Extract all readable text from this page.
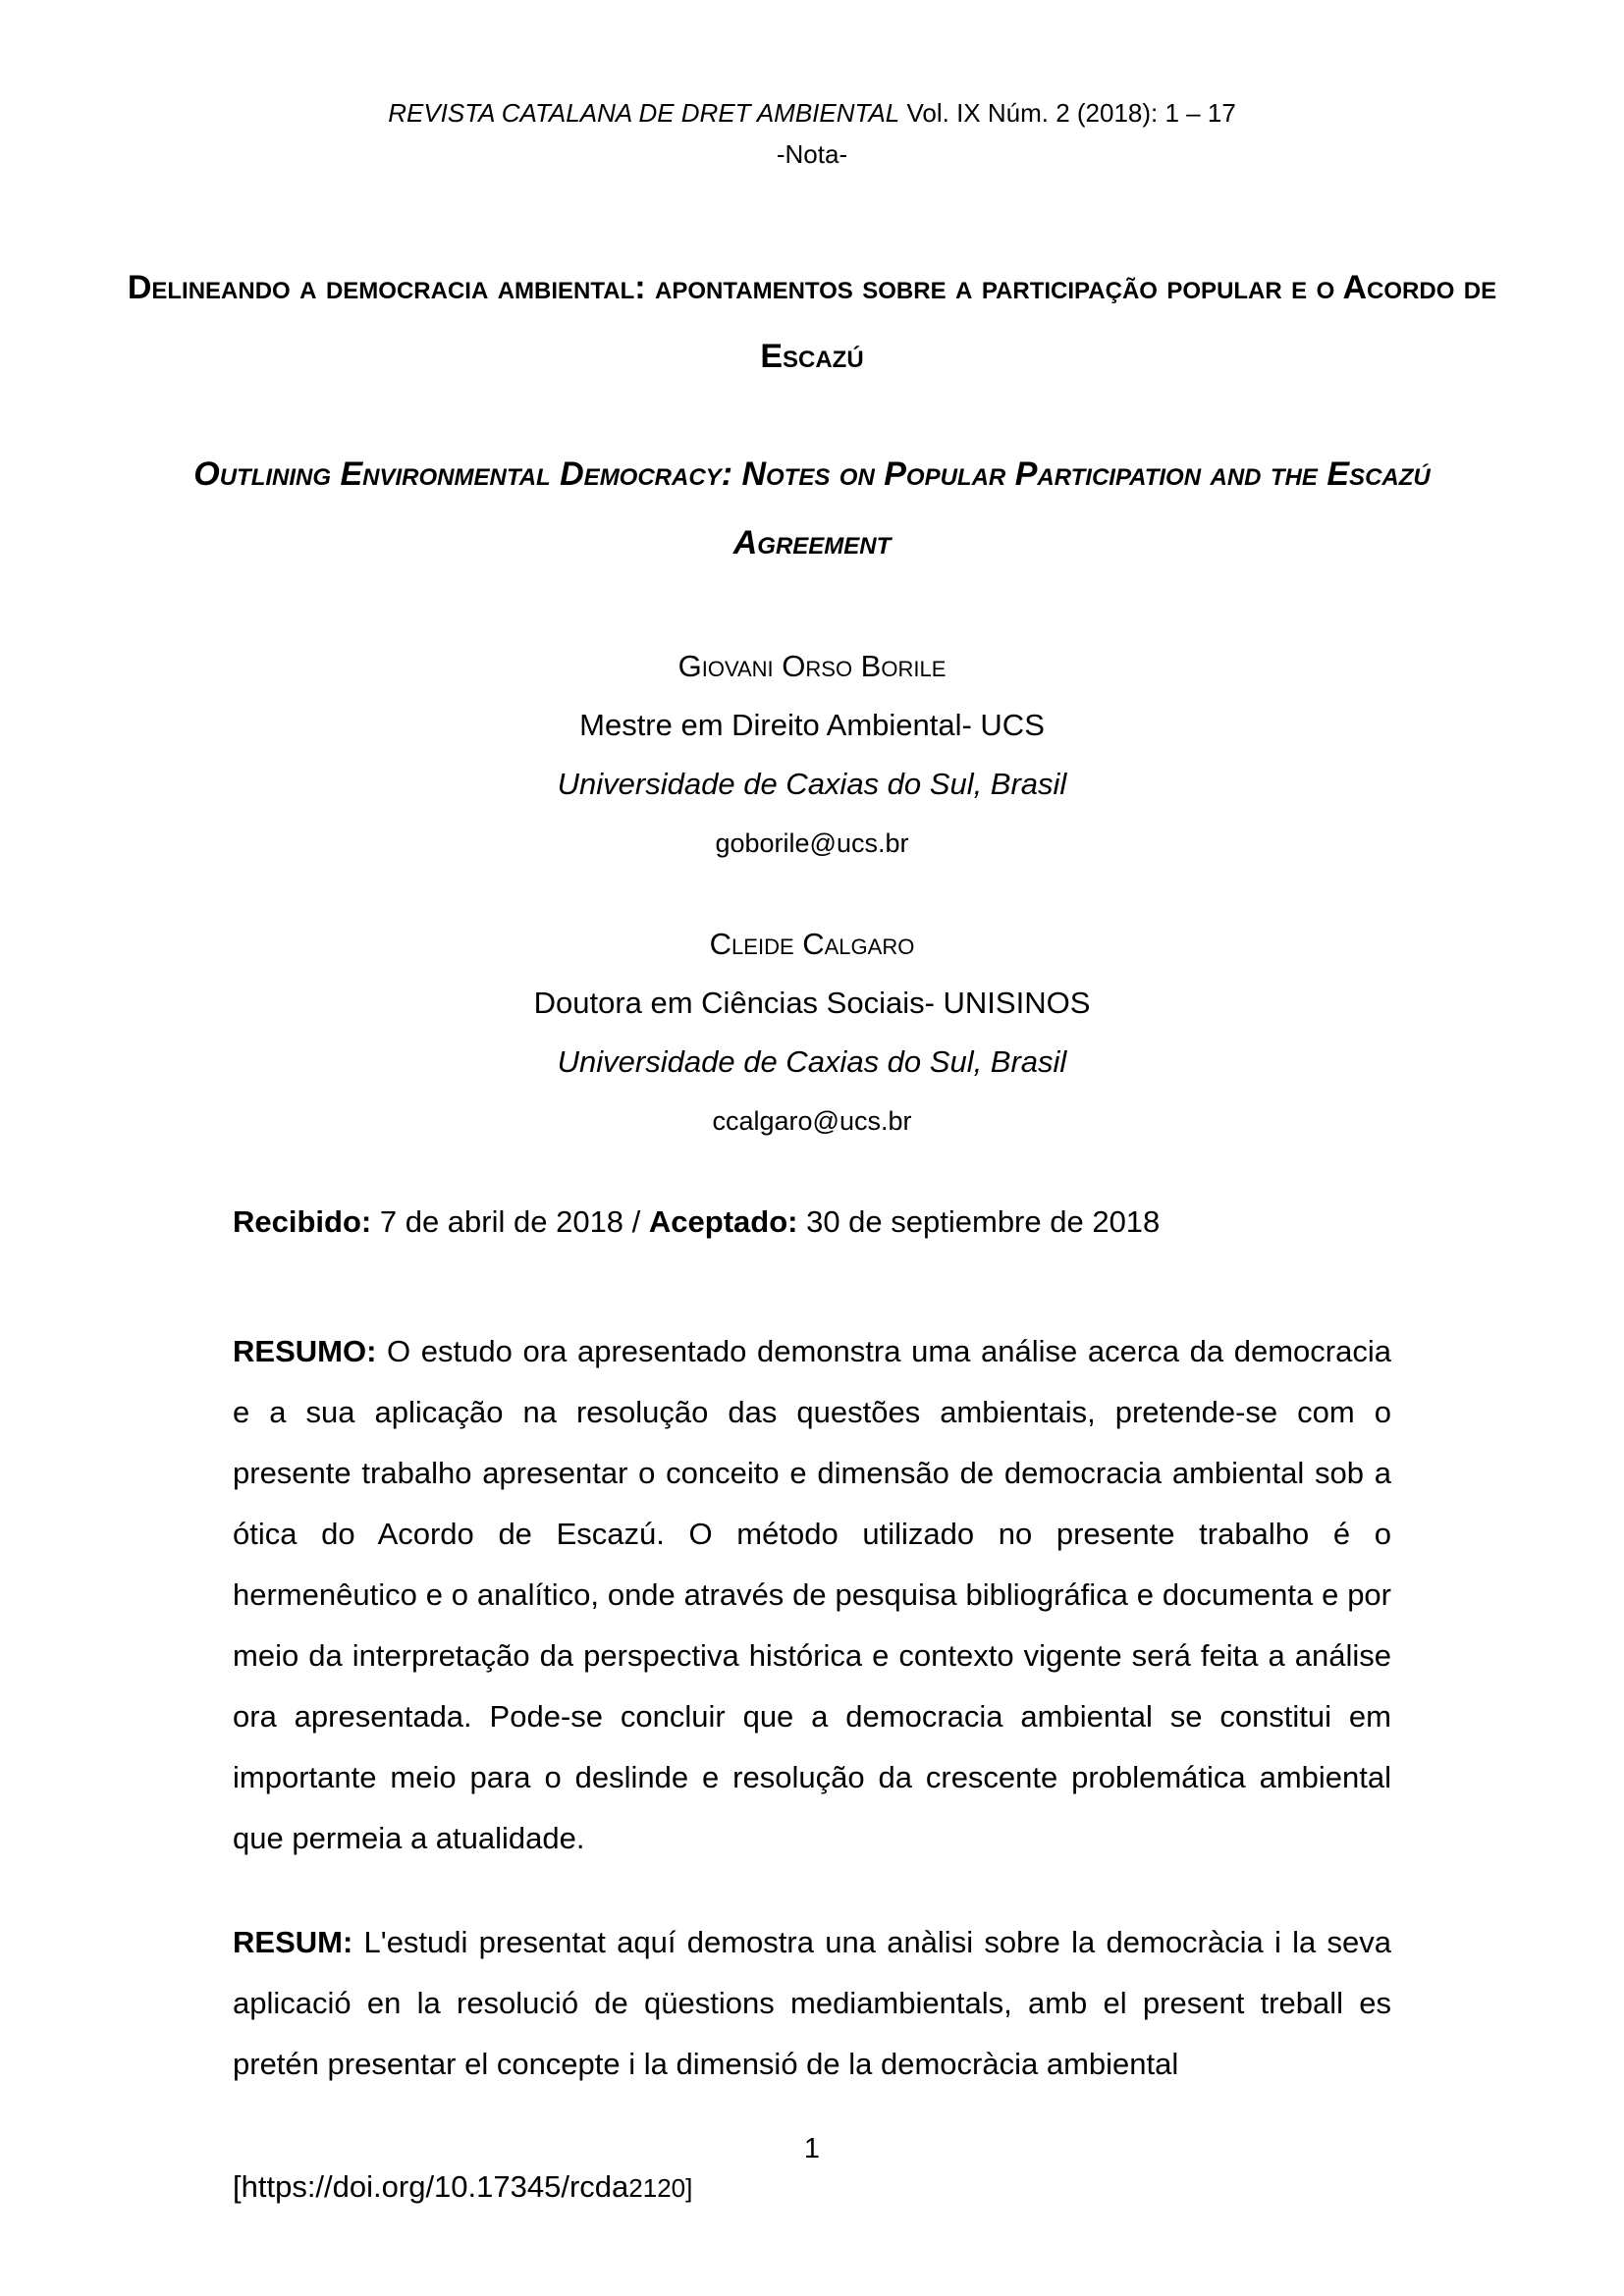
REVISTA CATALANA DE DRET AMBIENTAL Vol. IX Núm. 2 (2018): 1 – 17
-Nota-
Delineando a democracia ambiental: apontamentos sobre a participação popular e o Acordo de Escazú
Outlining Environmental Democracy: Notes on Popular Participation and the Escazú Agreement
Giovani Orso Borile
Mestre em Direito Ambiental- UCS
Universidade de Caxias do Sul, Brasil
goborile@ucs.br
Cleide Calgaro
Doutora em Ciências Sociais- UNISINOS
Universidade de Caxias do Sul, Brasil
ccalgaro@ucs.br
Recibido: 7 de abril de 2018 / Aceptado: 30 de septiembre de 2018
RESUMO: O estudo ora apresentado demonstra uma análise acerca da democracia e a sua aplicação na resolução das questões ambientais, pretende-se com o presente trabalho apresentar o conceito e dimensão de democracia ambiental sob a ótica do Acordo de Escazú. O método utilizado no presente trabalho é o hermenêutico e o analítico, onde através de pesquisa bibliográfica e documenta e por meio da interpretação da perspectiva histórica e contexto vigente será feita a análise ora apresentada. Pode-se concluir que a democracia ambiental se constitui em importante meio para o deslinde e resolução da crescente problemática ambiental que permeia a atualidade.
RESUM: L'estudi presentat aquí demostra una anàlisi sobre la democràcia i la seva aplicació en la resolució de qüestions mediambientals, amb el present treball es pretén presentar el concepte i la dimensió de la democràcia ambiental
1
[https://doi.org/10.17345/rcda2120]
